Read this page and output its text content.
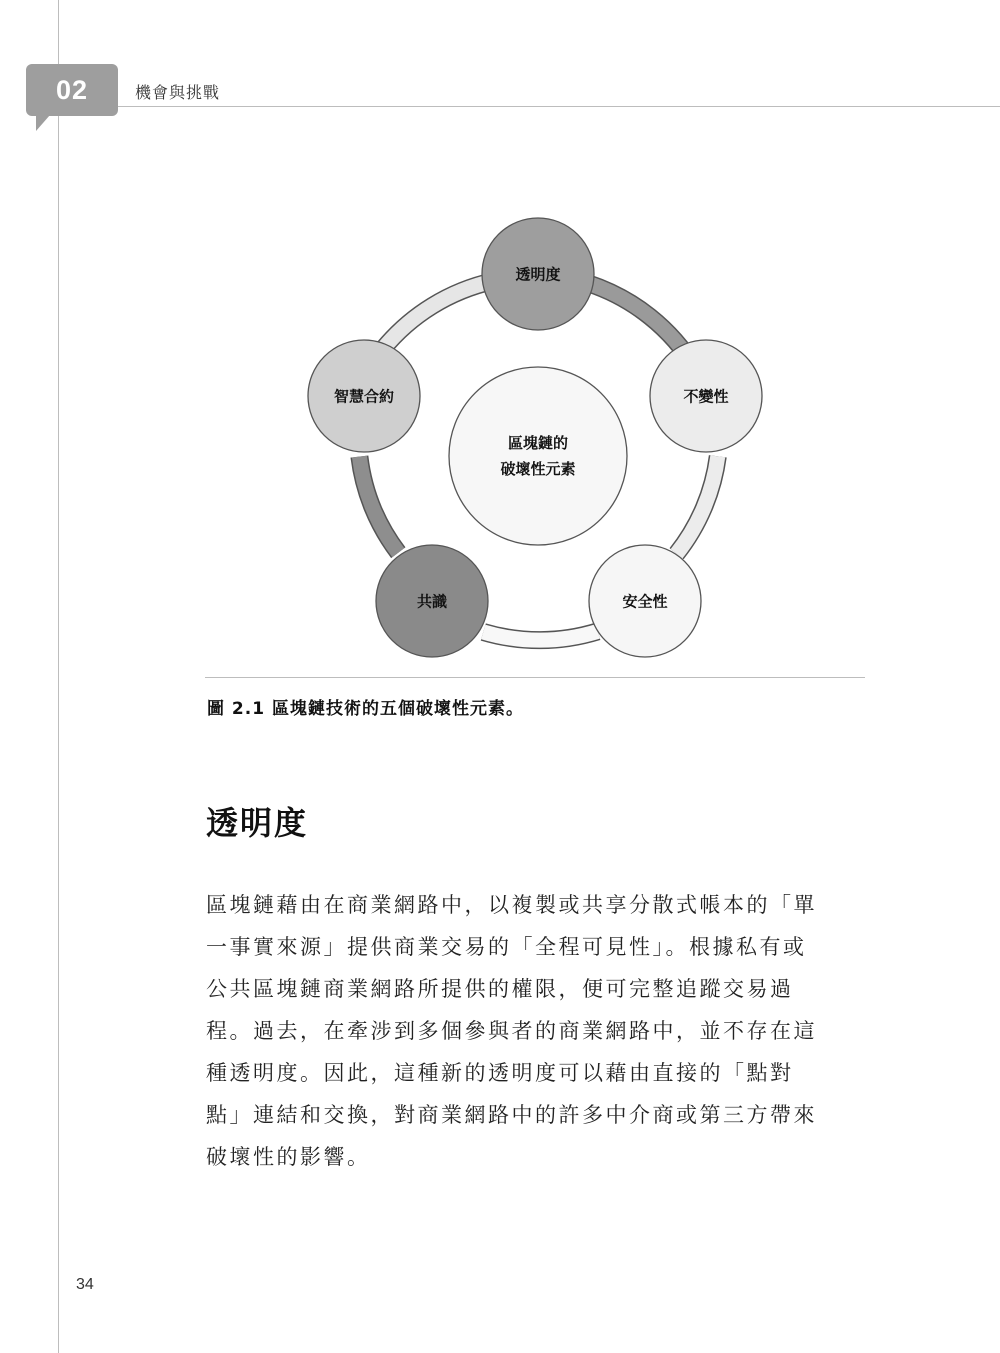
02	機會與挑戰
區塊鏈的
破壞性元素
透明度
不變性
安全性
共識
智慧合約
圖 2.1 區塊鏈技術的五個破壞性元素。
透明度
區塊鏈藉由在商業網路中，以複製或共享分散式帳本的「單
一事實來源」提供商業交易的「全程可見性」。根據私有或
公共區塊鏈商業網路所提供的權限，便可完整追蹤交易過
程。過去，在牽涉到多個參與者的商業網路中，並不存在這
種透明度。因此，這種新的透明度可以藉由直接的「點對
點」連結和交換，對商業網路中的許多中介商或第三方帶來
破壞性的影響。
34
